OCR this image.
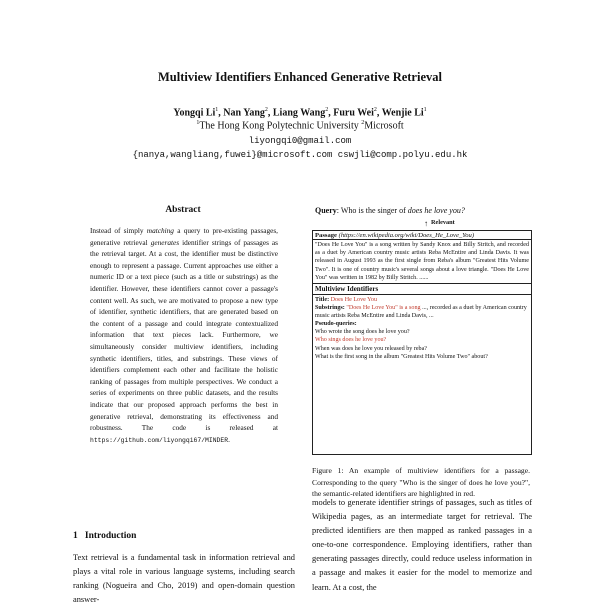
Multiview Identifiers Enhanced Generative Retrieval
Yongqi Li$^1$, Nan Yang$^2$, Liang Wang$^2$, Furu Wei$^2$, Wenjie Li$^1$
$^1$The Hong Kong Polytechnic University $^2$Microsoft
liyongqi0@gmail.com
{nanya,wangliang,fuwei}@microsoft.com cswjli@comp.polyu.edu.hk
Abstract
Instead of simply matching a query to pre-existing passages, generative retrieval generates identifier strings of passages as the retrieval target. At a cost, the identifier must be distinctive enough to represent a passage. Current approaches use either a numeric ID or a text piece (such as a title or substrings) as the identifier. However, these identifiers cannot cover a passage's content well. As such, we are motivated to propose a new type of identifier, synthetic identifiers, that are generated based on the content of a passage and could integrate contextualized information that text pieces lack. Furthermore, we simultaneously consider multiview identifiers, including synthetic identifiers, titles, and substrings. These views of identifiers complement each other and facilitate the holistic ranking of passages from multiple perspectives. We conduct a series of experiments on three public datasets, and the results indicate that our proposed approach performs the best in generative retrieval, demonstrating its effectiveness and robustness. The code is released at https://github.com/liyongqi67/MINDER.
1 Introduction
Text retrieval is a fundamental task in information retrieval and plays a vital role in various language systems, including search ranking (Nogueira and Cho, 2019) and open-domain question answer-
Query: Who is the singer of does he love you?
↑ Relevant
Passage (https://en.wikipedia.org/wiki/Does_He_Love_You)
"Does He Love You" is a song written by Sandy Knox and Billy Stritch, and recorded as a duet by American country music artists Reba McEntire and Linda Davis. It was released in August 1993 as the first single from Reba's album "Greatest Hits Volume Two". It is one of country music's several songs about a love triangle. "Does He Love You" was written in 1982 by Billy Stritch. ......
Multiview Identifiers
Title: Does He Love You
Substrings: "Does He Love You" is a song ..., recorded as a duet by American country music artists Reba McEntire and Linda Davis, ...
Pseudo-queries:
Who wrote the song does he love you?
Who sings does he love you?
When was does he love you released by reba?
What is the first song in the album "Greatest Hits Volume Two" about?
Figure 1: An example of multiview identifiers for a passage. Corresponding to the query "Who is the singer of does he love you?", the semantic-related identifiers are highlighted in red.
models to generate identifier strings of passages, such as titles of Wikipedia pages, as an intermediate target for retrieval. The predicted identifiers are then mapped as ranked passages in a one-to-one correspondence. Employing identifiers, rather than generating passages directly, could reduce useless information in a passage and makes it easier for the model to memorize and learn. At a cost, the
